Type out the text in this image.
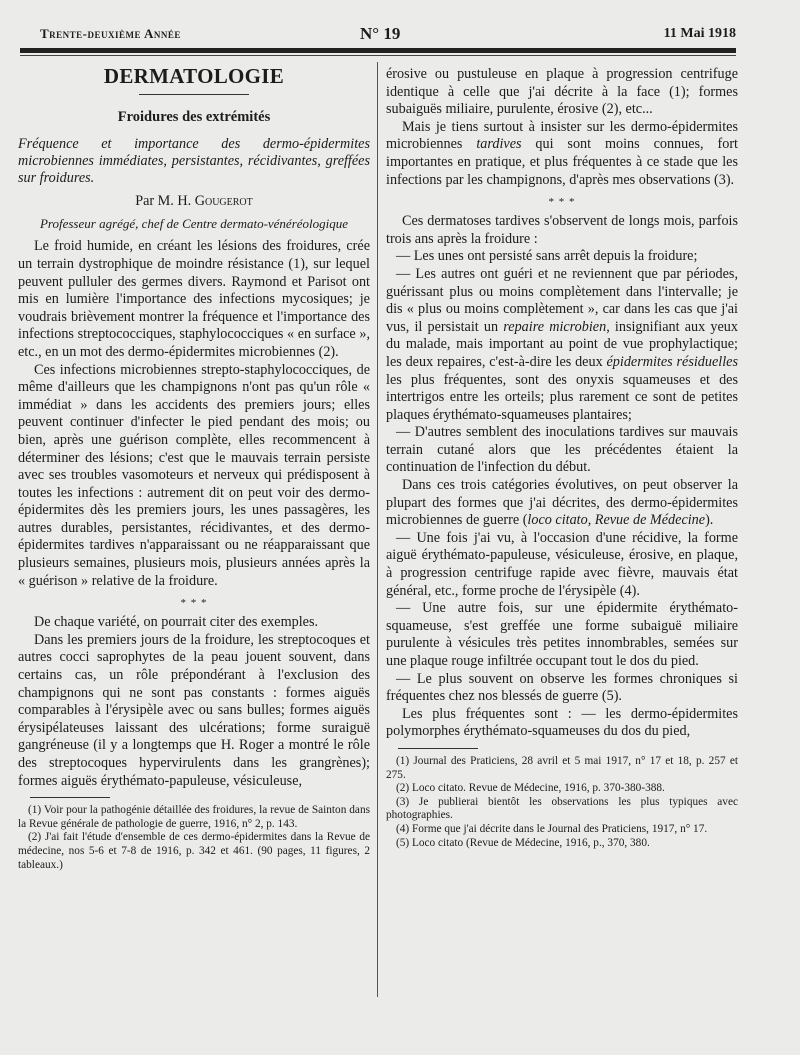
Trente-deuxième Année	N° 19	11 Mai 1918
DERMATOLOGIE
Froidures des extrémités
Fréquence et importance des dermo-épidermites microbiennes immédiates, persistantes, récidivantes, greffées sur froidures.
Par M. H. Gougerot
Professeur agrégé, chef de Centre dermato-vénéréologique

Le froid humide, en créant les lésions des froidures, crée un terrain dystrophique de moindre résistance (1), sur lequel peuvent pulluler des germes divers. Raymond et Parisot ont mis en lumière l'importance des infections mycosiques; je voudrais brièvement montrer la fréquence et l'importance des infections streptococciques, staphylococciques « en surface », etc., en un mot des dermo-épidermites microbiennes (2).

Ces infections microbiennes strepto-staphylococciques, de même d'ailleurs que les champignons n'ont pas qu'un rôle « immédiat » dans les accidents des premiers jours; elles peuvent continuer d'infecter le pied pendant des mois; ou bien, après une guérison complète, elles recommencent à déterminer des lésions; c'est que le mauvais terrain persiste avec ses troubles vasomoteurs et nerveux qui prédisposent à toutes les infections : autrement dit on peut voir des dermo-épidermites dès les premiers jours, les unes passagères, les autres durables, persistantes, récidivantes, et des dermo-épidermites tardives n'apparaissant ou ne réapparaissant que plusieurs semaines, plusieurs mois, plusieurs années après la « guérison » relative de la froidure.

* * *

De chaque variété, on pourrait citer des exemples.

Dans les premiers jours de la froidure, les streptocoques et autres cocci saprophytes de la peau jouent souvent, dans certains cas, un rôle prépondérant à l'exclusion des champignons qui ne sont pas constants : formes aiguës comparables à l'érysipèle avec ou sans bulles; formes aiguës érysipélateuses laissant des ulcérations; forme suraiguë gangréneuse (il y a longtemps que H. Roger a montré le rôle des streptocoques hypervirulents dans les grangrènes); formes aiguës érythémato-papuleuse, vésiculeuse,

(1) Voir pour la pathogénie détaillée des froidures, la revue de Sainton dans la Revue générale de pathologie de guerre, 1916, n° 2, p. 143.

(2) J'ai fait l'étude d'ensemble de ces dermo-épidermites dans la Revue de médecine, nos 5-6 et 7-8 de 1916, p. 342 et 461. (90 pages, 11 figures, 2 tableaux.)

érosive ou pustuleuse en plaque à progression centrifuge identique à celle que j'ai décrite à la face (1); formes subaiguës miliaire, purulente, érosive (2), etc...

Mais je tiens surtout à insister sur les dermo-épidermites microbiennes tardives qui sont moins connues, fort importantes en pratique, et plus fréquentes à ce stade que les infections par les champignons, d'après mes observations (3).

* * *

Ces dermatoses tardives s'observent de longs mois, parfois trois ans après la froidure :

— Les unes ont persisté sans arrêt depuis la froidure;

— Les autres ont guéri et ne reviennent que par périodes, guérissant plus ou moins complètement dans l'intervalle; je dis « plus ou moins complètement », car dans les cas que j'ai vus, il persistait un repaire microbien, insignifiant aux yeux du malade, mais important au point de vue prophylactique; les deux repaires, c'est-à-dire les deux épidermites résiduelles les plus fréquentes, sont des onyxis squameuses et des intertrigos entre les orteils; plus rarement ce sont de petites plaques érythémato-squameuses plantaires;

— D'autres semblent des inoculations tardives sur mauvais terrain cutané alors que les précédentes étaient la continuation de l'infection du début.

Dans ces trois catégories évolutives, on peut observer la plupart des formes que j'ai décrites, des dermo-épidermites microbiennes de guerre (loco citato, Revue de Médecine).

— Une fois j'ai vu, à l'occasion d'une récidive, la forme aiguë érythémato-papuleuse, vésiculeuse, érosive, en plaque, à progression centrifuge rapide avec fièvre, mauvais état général, etc., forme proche de l'érysipèle (4).

— Une autre fois, sur une épidermite érythémato-squameuse, s'est greffée une forme subaiguë miliaire purulente à vésicules très petites innombrables, semées sur une plaque rouge infiltrée occupant tout le dos du pied.

— Le plus souvent on observe les formes chroniques si fréquentes chez nos blessés de guerre (5).

Les plus fréquentes sont : — les dermo-épidermites polymorphes érythémato-squameuses du dos du pied,

(1) Journal des Praticiens, 28 avril et 5 mai 1917, n° 17 et 18, p. 257 et 275.

(2) Loco citato. Revue de Médecine, 1916, p. 370-380-388.

(3) Je publierai bientôt les observations les plus typiques avec photographies.

(4) Forme que j'ai décrite dans le Journal des Praticiens, 1917, n° 17.

(5) Loco citato (Revue de Médecine, 1916, p., 370, 380.
